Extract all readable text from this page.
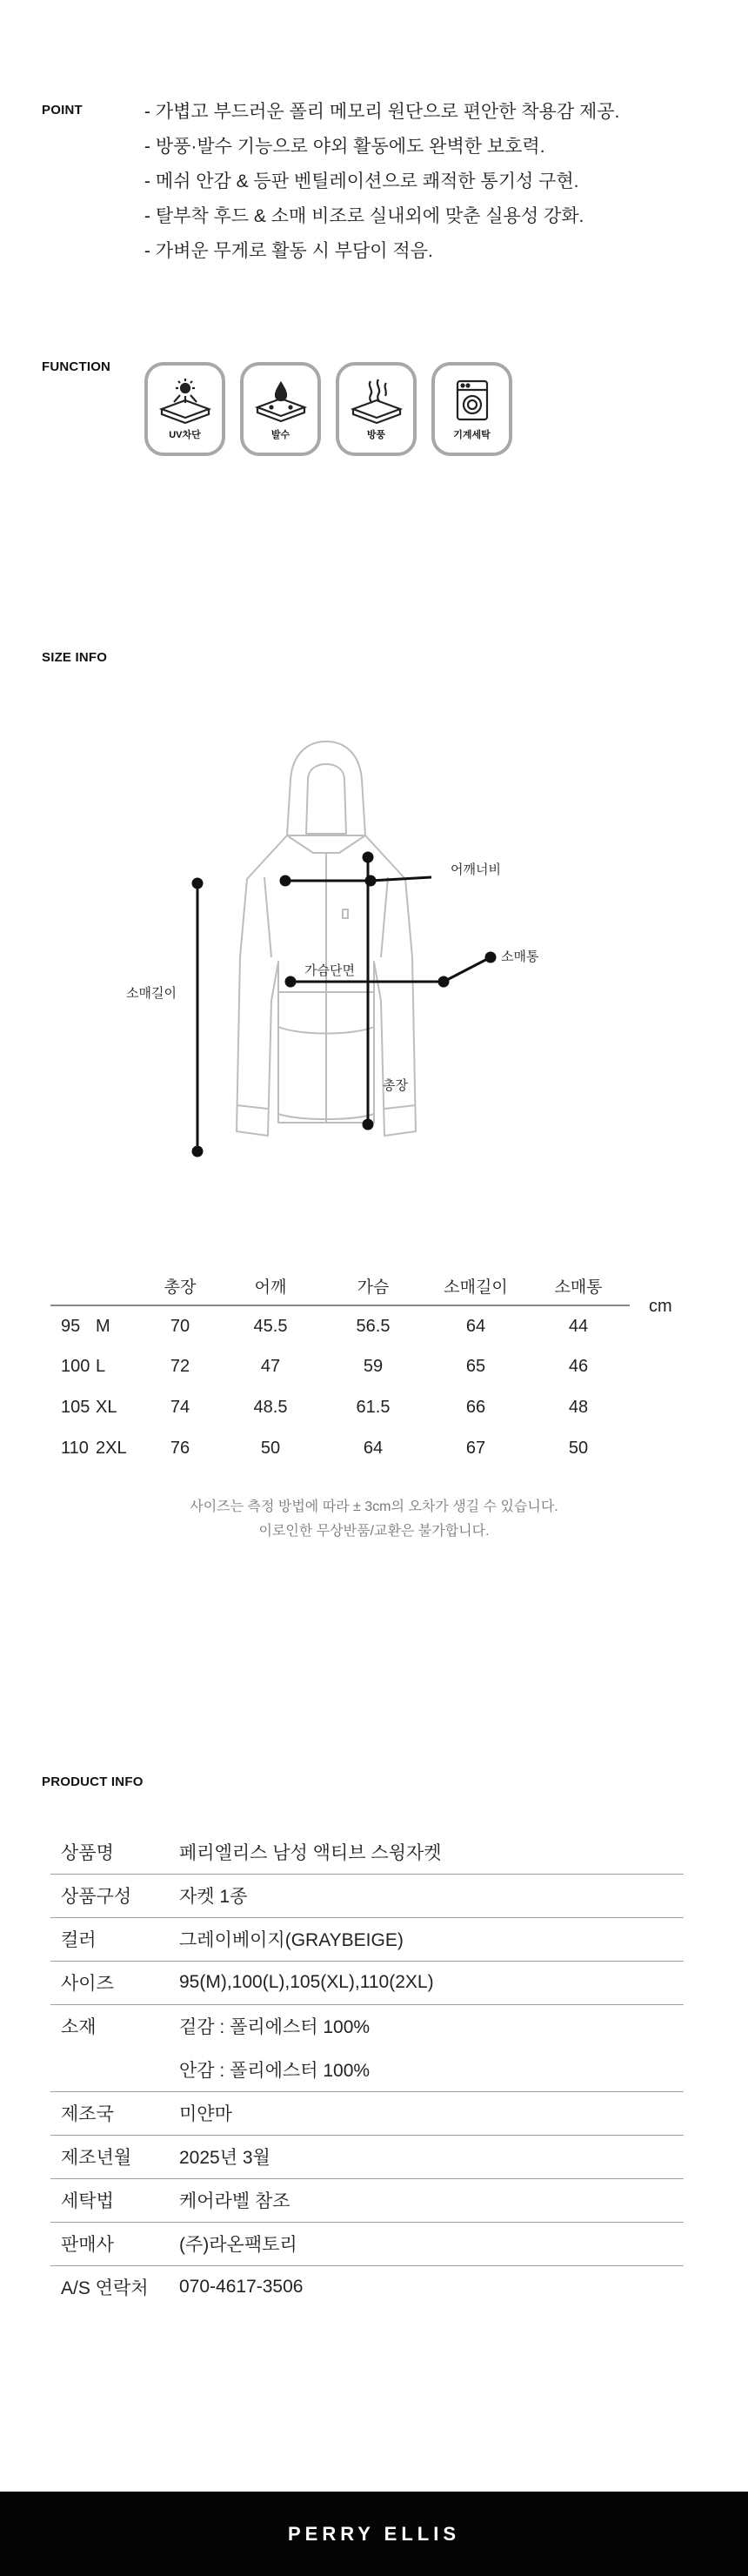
POINT	- 가볍고 부드러운 폴리 메모리 원단으로 편안한 착용감 제공.
- 방풍·발수 기능으로 야외 활동에도 완벽한 보호력.
- 메쉬 안감 & 등판 벤틸레이션으로 쾌적한 통기성 구현.
- 탈부착 후드 & 소매 비조로 실내외에 맞춘 실용성 강화.
- 가벼운 무게로 활동 시 부담이 적음.
FUNCTION
UV차단	발수	방풍	기계세탁
SIZE INFO
어깨너비
소매통
가슴단면
소매길이
총장
		총장	어깨	가슴	소매길이	소매통
95	M	70	45.5	56.5	64	44
100	L	72	47	59	65	46
105	XL	74	48.5	61.5	66	48
110	2XL	76	50	64	67	50
cm
사이즈는 측정 방법에 따라 ± 3cm의 오차가 생길 수 있습니다.
이로인한 무상반품/교환은 불가합니다.
PRODUCT INFO
상품명	페리엘리스 남성 액티브 스윙자켓
상품구성	자켓 1종
컬러	그레이베이지(GRAYBEIGE)
사이즈	95(M),100(L),105(XL),110(2XL)
소재	겉감 : 폴리에스터 100%
	안감 : 폴리에스터 100%
제조국	미얀마
제조년월	2025년 3월
세탁법	케어라벨 참조
판매사	(주)라온팩토리
A/S 연락처	070-4617-3506
PERRY ELLIS
